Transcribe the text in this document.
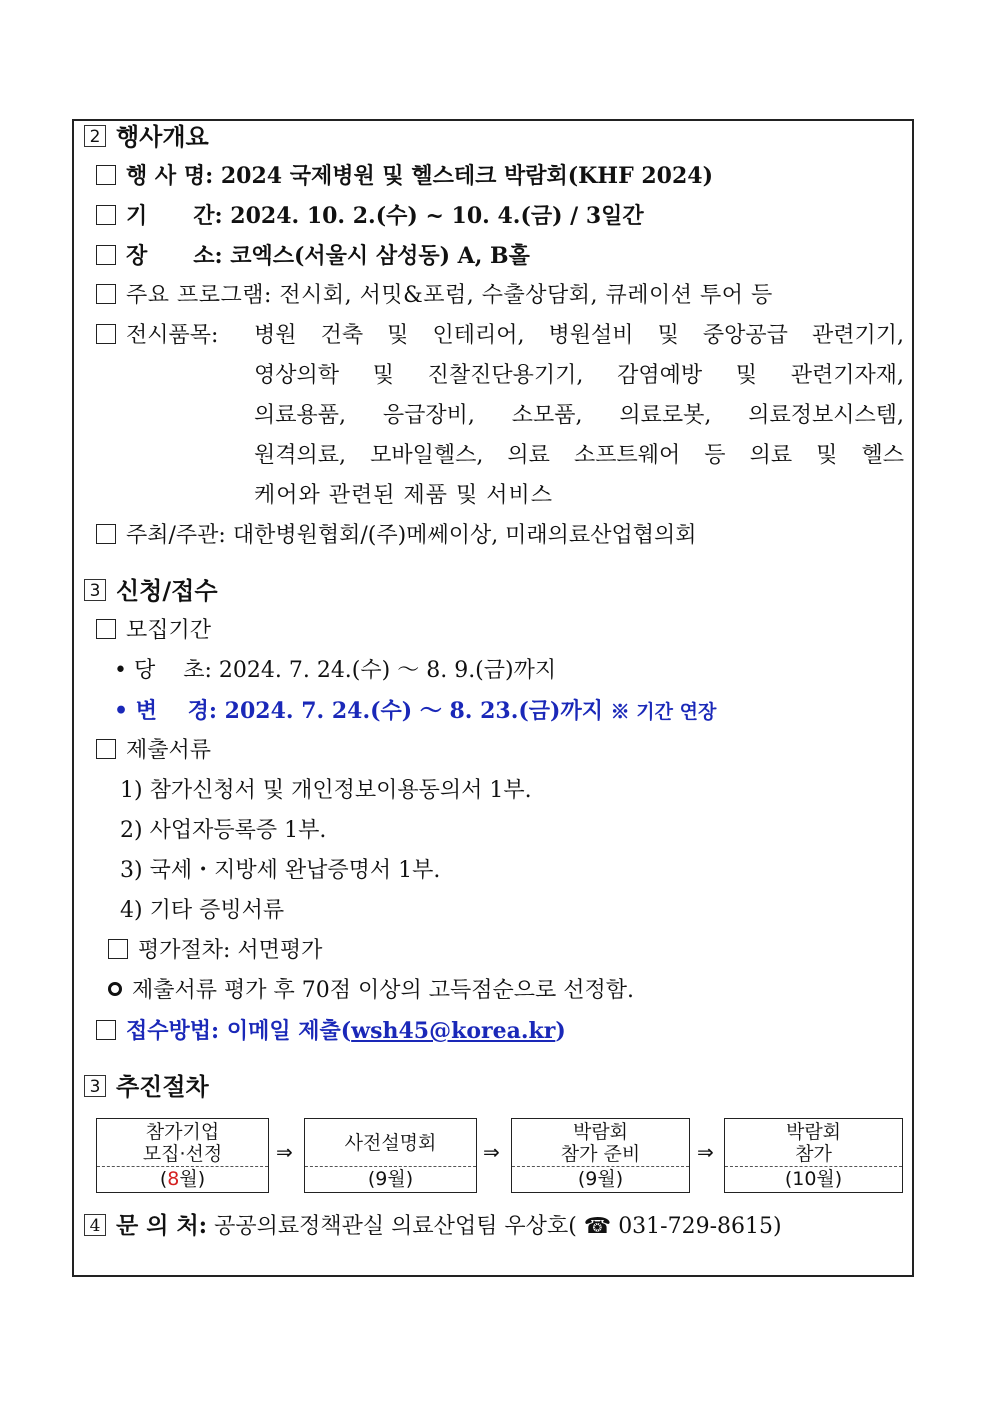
2 행사개요
행 사 명: 2024 국제병원 및 헬스테크 박람회(KHF 2024)
기      간: 2024. 10. 2.(수) ~ 10. 4.(금) / 3일간
장      소: 코엑스(서울시 삼성동) A, B홀
주요 프로그램: 전시회, 서밋&포럼, 수출상담회, 큐레이션 투어 등
전시품목: 병원 건축 및 인테리어, 병원설비 및 중앙공급 관련기기,
영상의학 및 진찰진단용기기, 감염예방 및 관련기자재,
의료용품, 응급장비, 소모품, 의료로봇, 의료정보시스템,
원격의료, 모바일헬스, 의료 소프트웨어 등 의료 및 헬스
케어와 관련된 제품 및 서비스
주최/주관: 대한병원협회/(주)메쎄이상, 미래의료산업협의회
3 신청/접수
모집기간
• 당    초: 2024. 7. 24.(수) ～ 8. 9.(금)까지
• 변    경: 2024. 7. 24.(수) ～ 8. 23.(금)까지 ※ 기간 연장
제출서류
1) 참가신청서 및 개인정보이용동의서 1부.
2) 사업자등록증 1부.
3) 국세・지방세 완납증명서 1부.
4) 기타 증빙서류
평가절차: 서면평가
제출서류 평가 후 70점 이상의 고득점순으로 선정함.
접수방법: 이메일 제출(wsh45@korea.kr)
3 추진절차
참가기업
모집·선정
(8월)
⇒	사전설명회
(9월)
⇒
박람회
참가 준비
(9월)
⇒
박람회
참가
(10월)
4 문 의 처: 공공의료정책관실 의료산업팀 우상호( ☎ 031-729-8615)
